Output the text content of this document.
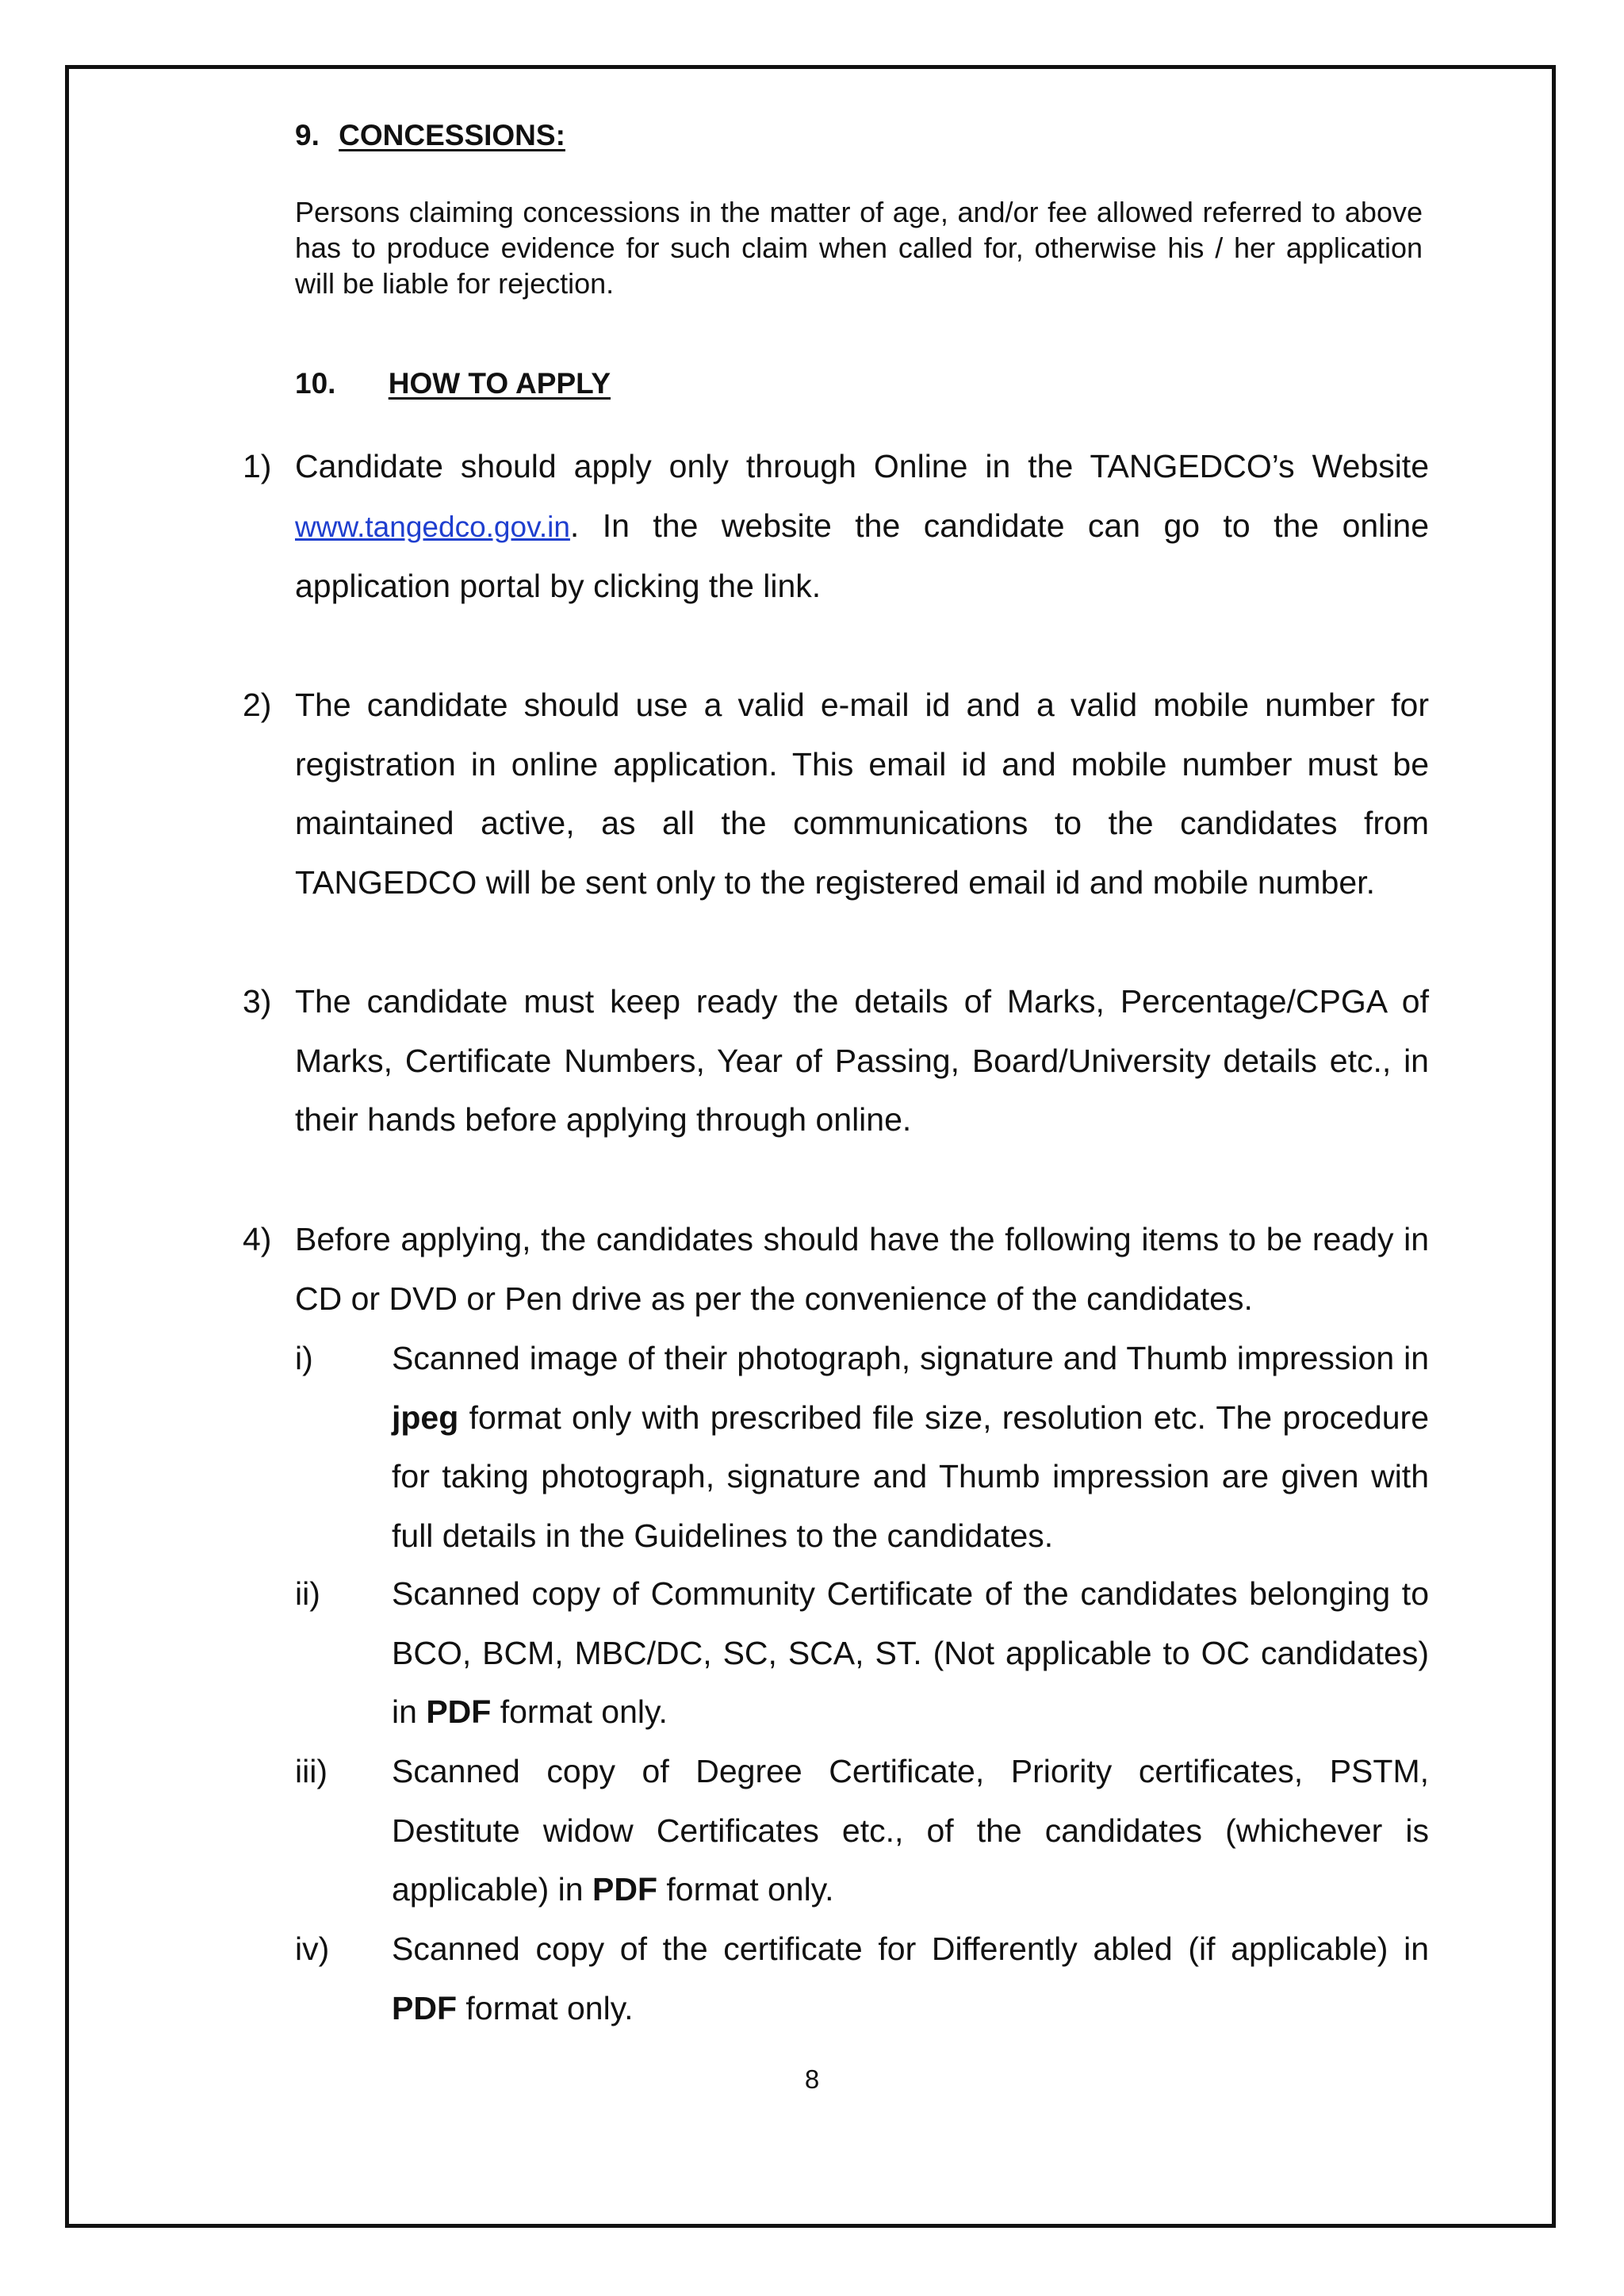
9. CONCESSIONS:
Persons claiming concessions in the matter of age, and/or fee allowed referred to above has to produce evidence for such claim when called for, otherwise his / her application will be liable for rejection.
10. HOW TO APPLY
1) Candidate should apply only through Online in the TANGEDCO’s Website www.tangedco.gov.in. In the website the candidate can go to the online application portal by clicking the link.
2) The candidate should use a valid e-mail id and a valid mobile number for registration in online application. This email id and mobile number must be maintained active, as all the communications to the candidates from TANGEDCO will be sent only to the registered email id and mobile number.
3) The candidate must keep ready the details of Marks, Percentage/CPGA of Marks, Certificate Numbers, Year of Passing, Board/University details etc., in their hands before applying through online.
4) Before applying, the candidates should have the following items to be ready in CD or DVD or Pen drive as per the convenience of the candidates.
i) Scanned image of their photograph, signature and Thumb impression in jpeg format only with prescribed file size, resolution etc. The procedure for taking photograph, signature and Thumb impression are given with full details in the Guidelines to the candidates.
ii) Scanned copy of Community Certificate of the candidates belonging to BCO, BCM, MBC/DC, SC, SCA, ST. (Not applicable to OC candidates) in PDF format only.
iii) Scanned copy of Degree Certificate, Priority certificates, PSTM, Destitute widow Certificates etc., of the candidates (whichever is applicable) in PDF format only.
iv) Scanned copy of the certificate for Differently abled (if applicable) in PDF format only.
8
